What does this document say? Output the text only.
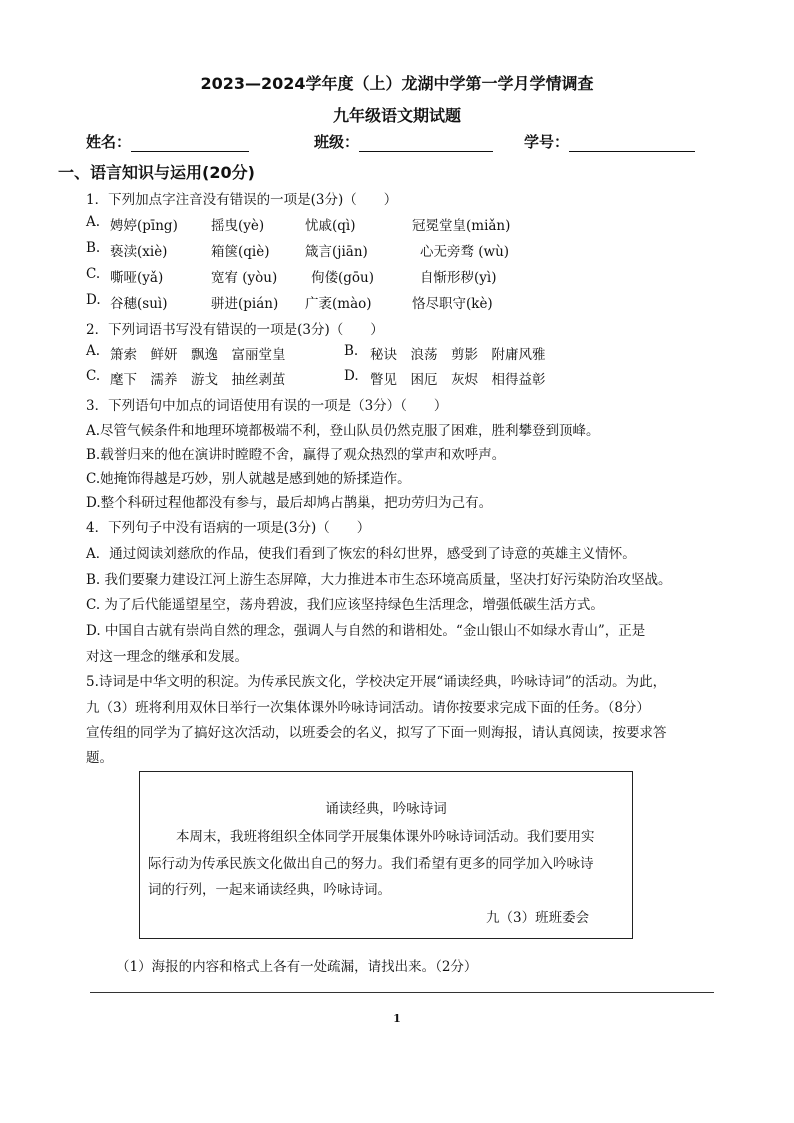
2023—2024学年度（上）龙湖中学第一学月学情调查
九年级语文期试题
姓名：	班级：	学号：
一、语言知识与运用(20分)
1．下列加点字注音没有错误的一项是(3分)（　　）
A. 娉婷(pīng) 摇曳(yè)	忧戚(qì)	冠冕堂皇(miǎn)
B. 亵渎(xiè)	箱箧(qiè)	箴言(jiān)	心无旁骛 (wù)
C. 嘶哑(yǎ)	宽宥 (yòu) 佝偻(gōu)	自惭形秽(yì)
D. 谷穗(suì)	骈进(pián) 广袤(mào)	恪尽职守(kè)
2．下列词语书写没有错误的一项是(3分)（　　）
A. 箫索　鲜妍　飘逸　富丽堂皇	B. 秘诀　浪荡　剪影　附庸风雅
C. 麾下　濡养　游戈　抽丝剥茧	D. 瞥见　困厄　灰烬　相得益彰
3．下列语句中加点的词语使用有误的一项是（3分）（　　）
A.尽管气候条件和地理环境都极端不利，登山队员仍然克服了困难，胜利攀登到顶峰。
B.载誉归来的他在演讲时瞠瞪不舍，赢得了观众热烈的掌声和欢呼声。
C.她掩饰得越是巧妙，别人就越是感到她的矫揉造作。
D.整个科研过程他都没有参与，最后却鸠占鹊巢，把功劳归为己有。
4．下列句子中没有语病的一项是(3分)（　　）
A．通过阅读刘慈欣的作品，使我们看到了恢宏的科幻世界，感受到了诗意的英雄主义情怀。
B. 我们要聚力建设江河上游生态屏障，大力推进本市生态环境高质量，坚决打好污染防治攻坚战。
C. 为了后代能遥望星空，荡舟碧波，我们应该坚持绿色生活理念，增强低碳生活方式。
D. 中国自古就有崇尚自然的理念，强调人与自然的和谐相处。“金山银山不如绿水青山”，正是
对这一理念的继承和发展。
5.诗词是中华文明的积淀。为传承民族文化，学校决定开展“诵读经典，吟咏诗词”的活动。为此，
九（3）班将利用双休日举行一次集体课外吟咏诗词活动。请你按要求完成下面的任务。（8分）
宣传组的同学为了搞好这次活动，以班委会的名义，拟写了下面一则海报，请认真阅读，按要求答
题。
诵读经典，吟咏诗词
本周末，我班将组织全体同学开展集体课外吟咏诗词活动。我们要用实
际行动为传承民族文化做出自己的努力。我们希望有更多的同学加入吟咏诗
词的行列，一起来诵读经典，吟咏诗词。
九（3）班班委会
（1）海报的内容和格式上各有一处疏漏，请找出来。（2分）
1
